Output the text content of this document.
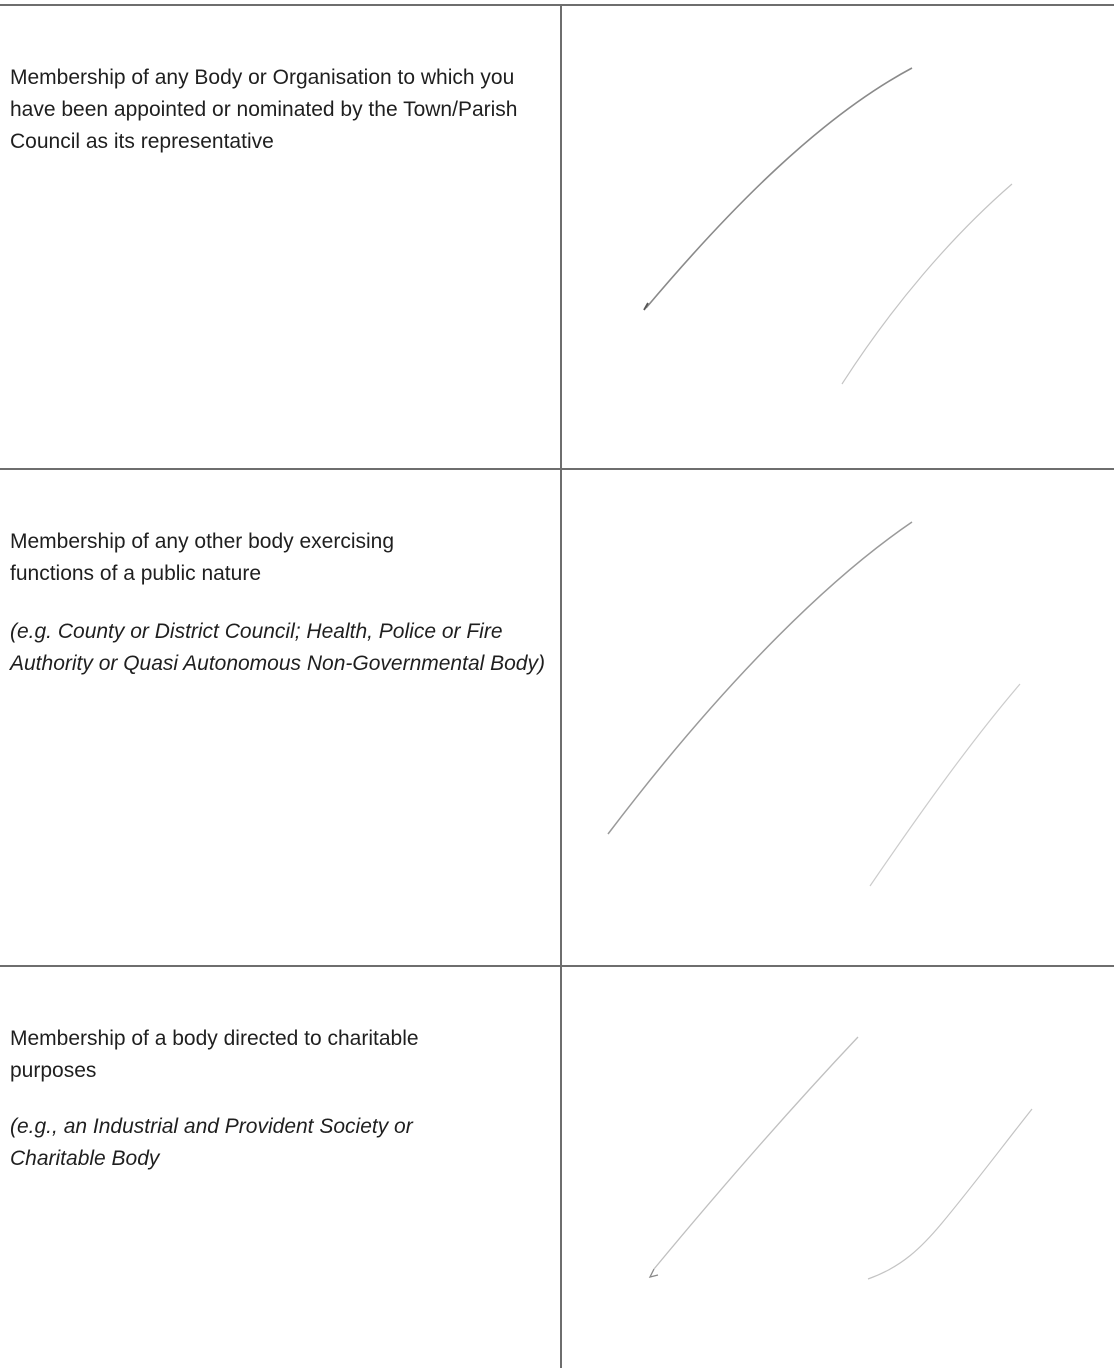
Membership of any Body or Organisation to which you have been appointed or nominated by the Town/Parish Council as its representative

Membership of any other body exercising functions of a public nature

(e.g. County or District Council; Health, Police or Fire Authority or Quasi Autonomous Non-Governmental Body)

Membership of a body directed to charitable purposes

(e.g., an Industrial and Provident Society or Charitable Body
